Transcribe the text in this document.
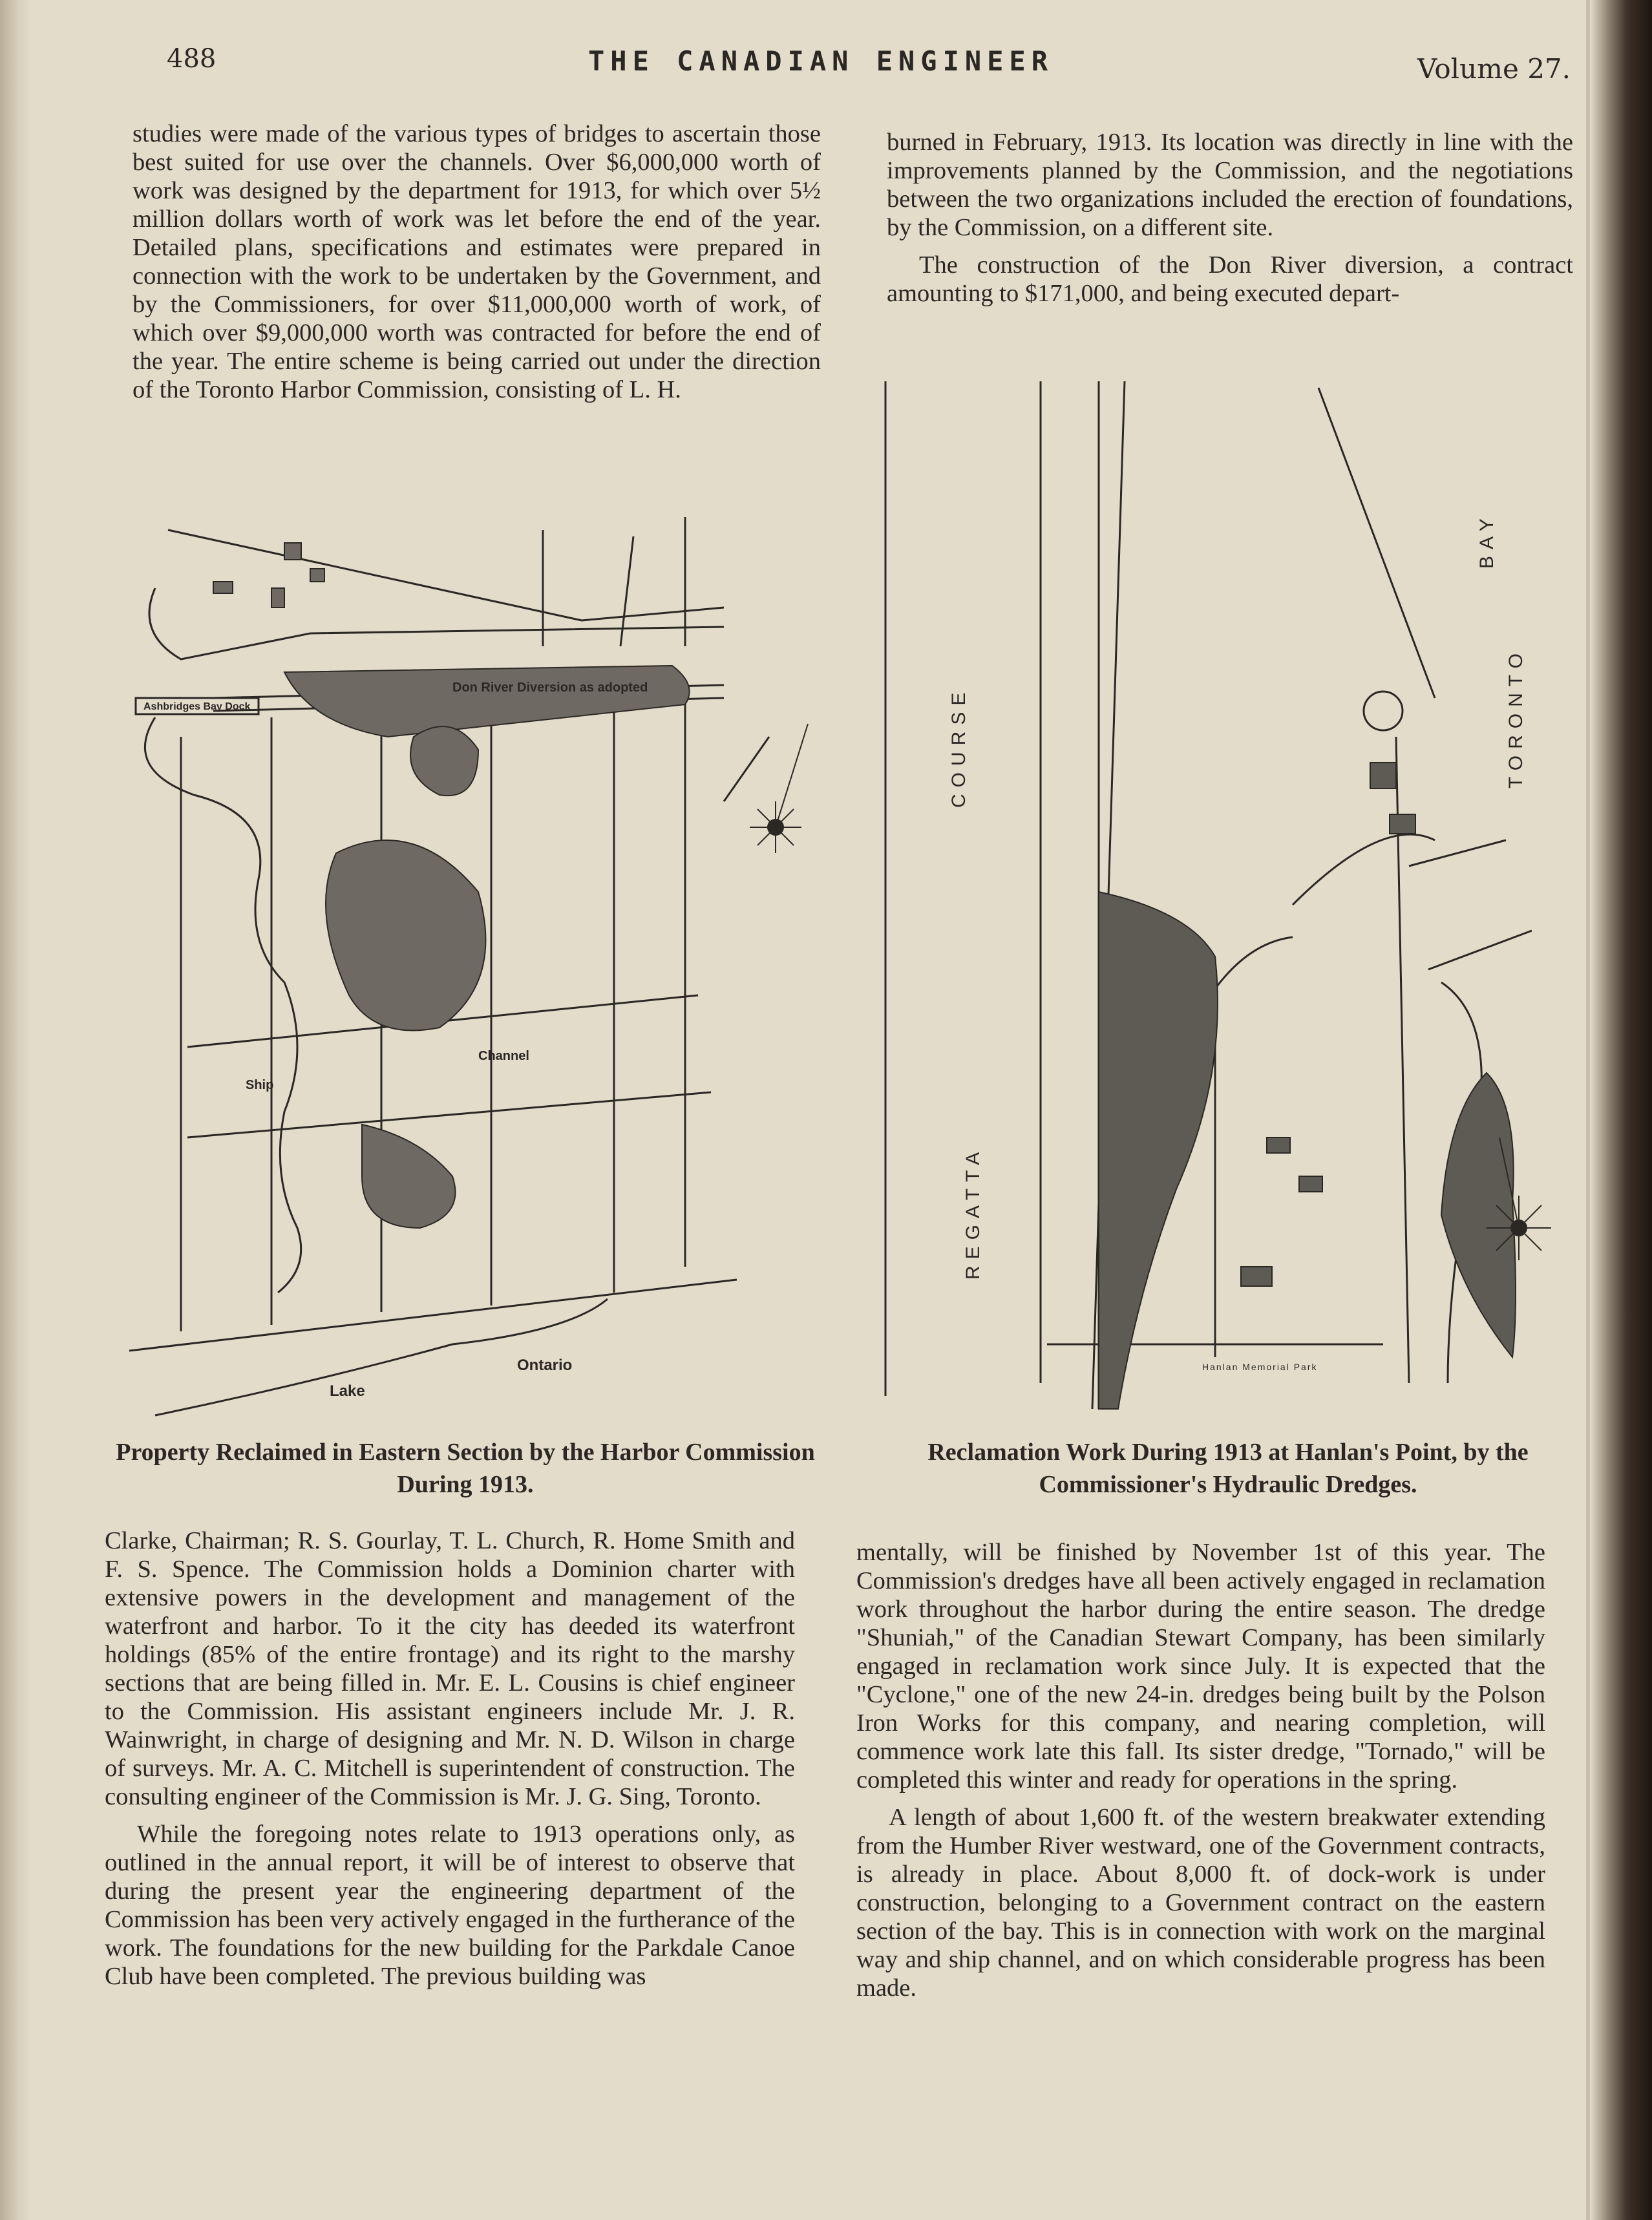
488	THE CANADIAN ENGINEER	Volume 27.

studies were made of the various types of bridges to ascertain those best suited for use over the channels. Over $6,000,000 worth of work was designed by the department for 1913, for which over 5½ million dollars worth of work was let before the end of the year. Detailed plans, specifications and estimates were prepared in connection with the work to be undertaken by the Government, and by the Commissioners, for over $11,000,000 worth of work, of which over $9,000,000 worth was contracted for before the end of the year. The entire scheme is being carried out under the direction of the Toronto Harbor Commission, consisting of L. H.

burned in February, 1913. Its location was directly in line with the improvements planned by the Commission, and the negotiations between the two organizations included the erection of foundations, by the Commission, on a different site.

The construction of the Don River diversion, a contract amounting to $171,000, and being executed depart-

Don River Diversion as adopted
Ashbridges Bay Dock
Channel
Ship
Lake
Ontario
Property Reclaimed in Eastern Section by the Harbor Commission During 1913.
COURSE
REGATTA
BAY
TORONTO
Hanlan Memorial Park
Reclamation Work During 1913 at Hanlan's Point, by the Commissioner's Hydraulic Dredges.

Clarke, Chairman; R. S. Gourlay, T. L. Church, R. Home Smith and F. S. Spence. The Commission holds a Dominion charter with extensive powers in the development and management of the waterfront and harbor. To it the city has deeded its waterfront holdings (85% of the entire frontage) and its right to the marshy sections that are being filled in. Mr. E. L. Cousins is chief engineer to the Commission. His assistant engineers include Mr. J. R. Wainwright, in charge of designing and Mr. N. D. Wilson in charge of surveys. Mr. A. C. Mitchell is superintendent of construction. The consulting engineer of the Commission is Mr. J. G. Sing, Toronto.

While the foregoing notes relate to 1913 operations only, as outlined in the annual report, it will be of interest to observe that during the present year the engineering department of the Commission has been very actively engaged in the furtherance of the work. The foundations for the new building for the Parkdale Canoe Club have been completed. The previous building was

mentally, will be finished by November 1st of this year. The Commission's dredges have all been actively engaged in reclamation work throughout the harbor during the entire season. The dredge "Shuniah," of the Canadian Stewart Company, has been similarly engaged in reclamation work since July. It is expected that the "Cyclone," one of the new 24-in. dredges being built by the Polson Iron Works for this company, and nearing completion, will commence work late this fall. Its sister dredge, "Tornado," will be completed this winter and ready for operations in the spring.

A length of about 1,600 ft. of the western breakwater extending from the Humber River westward, one of the Government contracts, is already in place. About 8,000 ft. of dock-work is under construction, belonging to a Government contract on the eastern section of the bay. This is in connection with work on the marginal way and ship channel, and on which considerable progress has been made.
